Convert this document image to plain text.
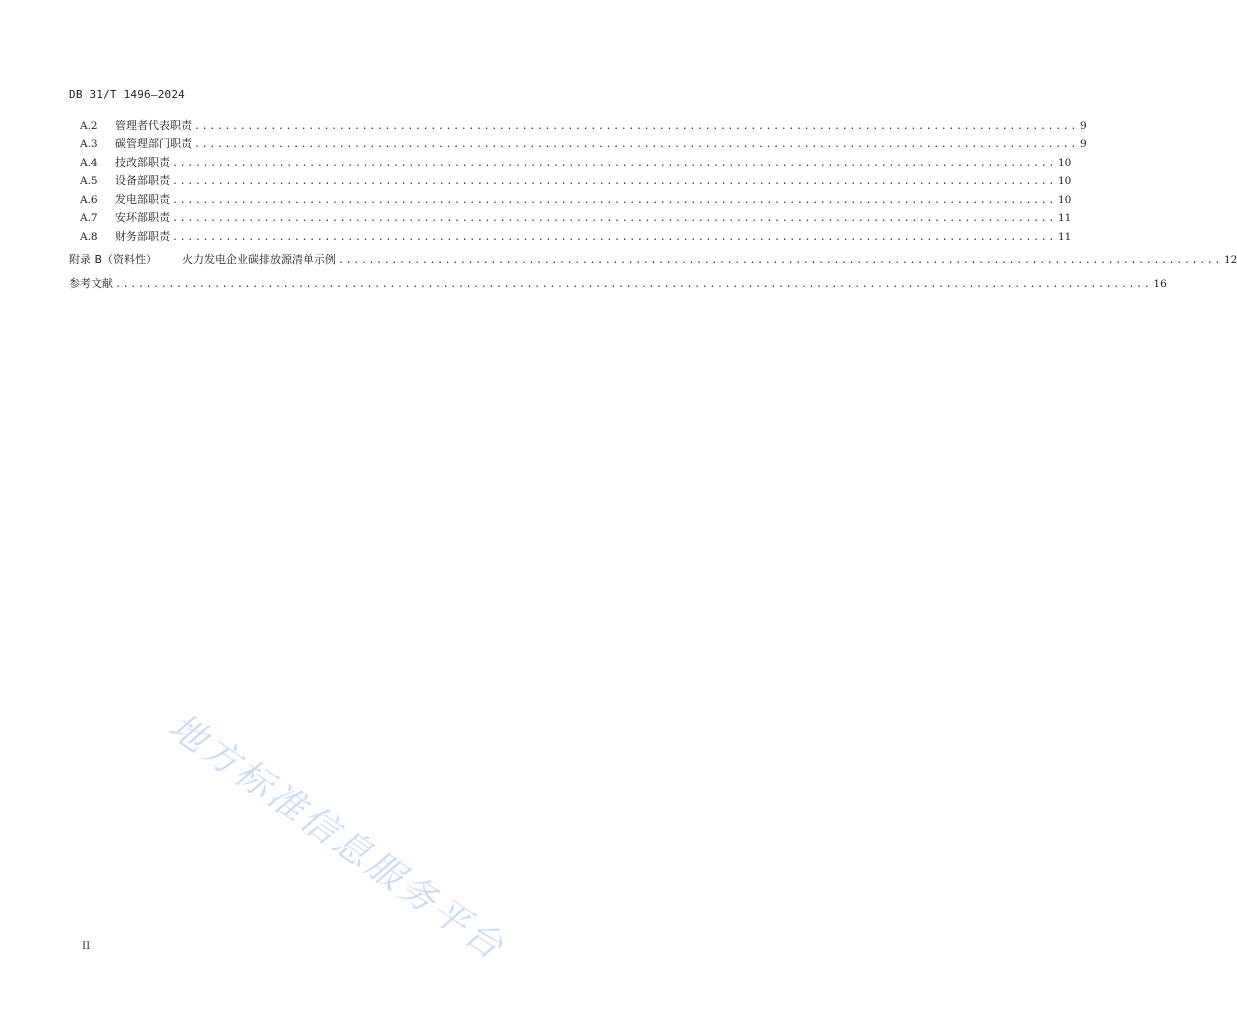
DB 31/T 1496—2024
A.2	管理者代表职责 .................................................................................................................... 9
A.3	碳管理部门职责 .................................................................................................................... 9
A.4	技改部职责 .................................................................................................................... 10
A.5	设备部职责 .................................................................................................................... 10
A.6	发电部职责 .................................................................................................................... 10
A.7	安环部职责 .................................................................................................................... 11
A.8	财务部职责 .................................................................................................................... 11
附录 B（资料性）	火力发电企业碳排放源清单示例 .................................................................................................................... 12
参考文献 ........................................................................................................................................ 16
地方标准信息服务平台
II
